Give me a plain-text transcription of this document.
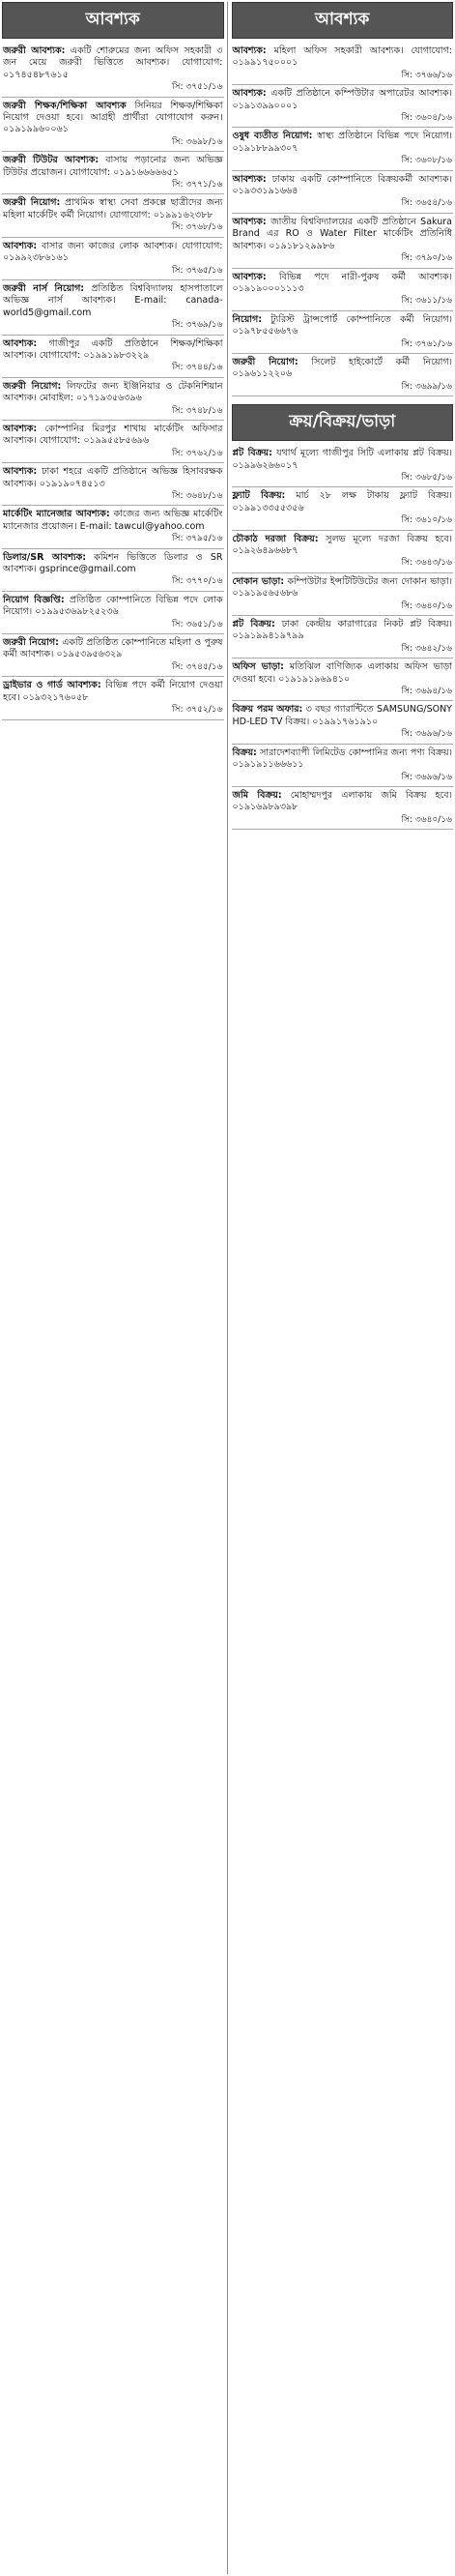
আবশ্যক
জরুরী আবশ্যক: একটি শোরুমের জন্য অফিস সহকারী ৩ জন মেয়ে জরুরী ভিত্তিতে আবশ্যক। যোগাযোগ: ০১৭৪৫৪৮৭৬১৫
সি: ৩৭৫১/১৬
জরুরী শিক্ষক/শিক্ষিকা আবশ্যক সিনিয়র শিক্ষক/শিক্ষিকা নিয়োগ দেওয়া হবে। আগ্রহী প্রার্থীরা যোগাযোগ করুন। ০১৯১৯৯৬০০৬১
সি: ৩৬৯৮/১৬
জরুরী টিউটর আবশ্যক: বাসায় পড়ানোর জন্য অভিজ্ঞ টিউটর প্রয়োজন। যোগাযোগ: ০১৯১৬৬৬৬৬৫১
সি: ৩৭৭১/১৬
জরুরী নিয়োগ: প্রাথমিক স্বাস্থ্য সেবা প্রকল্পে ছাত্রীদের জন্য মহিলা মার্কেটিং কর্মী নিয়োগ। যোগাযোগ: ০১৯৯১৬২৩৮৮
সি: ৩৭৬৮/১৬
আবশ্যক: বাসার জন্য কাজের লোক আবশ্যক। যোগাযোগ: ০১৯৯২৩৮৬১৬১
সি: ৩৭৬৫/১৬
জরুরী নার্স নিয়োগ: প্রতিষ্ঠিত বিশ্ববিদ্যালয় হাসপাতালে অভিজ্ঞ নার্স আবশ্যক। E-mail: canada-world5@gmail.com
সি: ৩৭৬৯/১৬
আবশ্যক: গাজীপুর একটি প্রতিষ্ঠানে শিক্ষক/শিক্ষিকা আবশ্যক। যোগাযোগ: ০১৯৯১৯৮৩২২৯
সি: ৩৭৪৪/১৬
জরুরী নিয়োগ: লিফটের জন্য ইঞ্জিনিয়ার ও টেকনিশিয়ান আবশ্যক। মোবাইল: ০১৭১৯৩৫৬৩৯৬
সি: ৩৭৪৮/১৬
আবশ্যক: কোম্পানির মিরপুর শাখায় মার্কেটিং অফিসার আবশ্যক। যোগাযোগ: ০১৯৯৫৫৮৫৬৯৬
সি: ৩৭৬২/১৬
আবশ্যক: ঢাকা শহরে একটি প্রতিষ্ঠানে অভিজ্ঞ হিসাবরক্ষক আবশ্যক। ০১৯১৯০৭৪৫১৩
সি: ৩৬৪৮/১৬
মার্কেটিং ম্যানেজার আবশ্যক: কাজের জন্য অভিজ্ঞ মার্কেটিং ম্যানেজার প্রয়োজন। E-mail: tawcul@yahoo.com
সি: ৩৭৯৫/১৬
ডিলার/SR আবশ্যক: কমিশন ভিত্তিতে ডিলার ও SR আবশ্যক। gsprince@gmail.com
সি: ৩৭৭০/১৬
নিয়োগ বিজ্ঞপ্তি: প্রতিষ্ঠিত কোম্পানিতে বিভিন্ন পদে লোক নিয়োগ। ০১৯৯৫৩৬৯৮২৫২৩৬
সি: ৩৬৫১/১৬
জরুরী নিয়োগ: একটি প্রতিষ্ঠিত কোম্পানিতে মহিলা ও পুরুষ কর্মী আবশ্যক। ০১৯৫৩৯৫৬৩২৯
সি: ৩৭৪৫/১৬
ড্রাইভার ও গার্ড আবশ্যক: বিভিন্ন পদে কর্মী নিয়োগ দেওয়া হবে। ০১৯৩২১৭৬০৫৮
সি: ৩৭৫২/১৬
আবশ্যক
আবশ্যক: মহিলা অফিস সহকারী আবশ্যক। যোগাযোগ: ০১৯৯১৭৫০০০১
সি: ৩৭৬৬/১৬
আবশ্যক: একটি প্রতিষ্ঠানে কম্পিউটার অপারেটর আবশ্যক। ০১৯১৩৯৯০০০১
সি: ৩৬০৪/১৬
ওষুধ ব্যতীত নিয়োগ: স্বাস্থ্য প্রতিষ্ঠানে বিভিন্ন পদে নিয়োগ। ০১৯১৮৮৯৯৩০৭
সি: ৩৬০৮/১৬
আবশ্যক: ঢাকায় একটি কোম্পানিতে বিক্রয়কর্মী আবশ্যক। ০১৯৩৩১৯১৬৬৪
সি: ৩৬৫৪/১৬
আবশ্যক: জাতীয় বিশ্ববিদ্যালয়ের একটি প্রতিষ্ঠানে Sakura Brand এর RO ও Water Filter মার্কেটিং প্রতিনিধি আবশ্যক। ০১৯১৮১২৯৯৮৬
সি: ৩৭৯০/১৬
আবশ্যক: বিভিন্ন পদে নারী-পুরুষ কর্মী আবশ্যক। ০১৯১৯০০০১১১৩
সি: ৩৬১১/১৬
নিয়োগ: ট্যুরিস্ট ট্রান্সপোর্ট কোম্পানিতে কর্মী নিয়োগ। ০১৯৭৮৫৫৬৬৭৬
সি: ৩৭৬১/১৬
জরুরী নিয়োগ: সিলেট হাইকোর্টে কর্মী নিয়োগ। ০১৯৬১১২২০৬
সি: ৩৬৯৯/১৬
ক্রয়/বিক্রয়/ভাড়া
প্লট বিক্রয়: যথার্থ মূল্যে গাজীপুর সিটি এলাকায় প্লট বিক্রয়। ০১৯৯৬২৬৬০১৭
সি: ৩৬৮৫/১৬
ফ্ল্যাট বিক্রয়: মার্চ ২৮ লক্ষ টাকায় ফ্ল্যাট বিক্রয়। ০১৯৯১৩৩৫৫৩৫৬
সি: ৩৬১০/১৬
চৌকাঠ দরজা বিক্রয়: সুলভ মূল্যে দরজা বিক্রয় হবে। ০১৯২৬৪৯৬৬৮৭
সি: ৩৬৪৩/১৬
দোকান ভাড়া: কম্পিউটার ইন্সটিটিউটের জন্য দোকান ভাড়া। ০১৯১৯৫৬৫৬৮৬
সি: ৩৬৪০/১৬
প্লট বিক্রয়: ঢাকা কেন্দ্রীয় কারাগারের নিকট প্লট বিক্রয়। ০১৯১৯৯৪১৯৭৯৯
সি: ৩৬৪২/১৬
অফিস ভাড়া: মতিঝিল বাণিজ্যিক এলাকায় অফিস ভাড়া দেওয়া হবে। ০১৯১৯১৯৬৯৪১০
সি: ৩৬৯৪/১৬
বিক্রয় পরম অফার: ৩ বছর গ্যারান্টিতে SAMSUNG/SONY HD-LED TV বিক্রয়। ০১৯৯১৭৬১৯১০
সি: ৩৬৯৬/১৬
বিক্রয়: সারাদেশব্যাপী লিমিটেড কোম্পানির জন্য পণ্য বিক্রয়। ০১৯১৯১১৬৬৬১১
সি: ৩৬৯৬/১৬
জমি বিক্রয়: মোহাম্মদপুর এলাকায় জমি বিক্রয় হবে। ০১৯১৬৯৮৯৩৯৮
সি: ৩৬৪০/১৬
